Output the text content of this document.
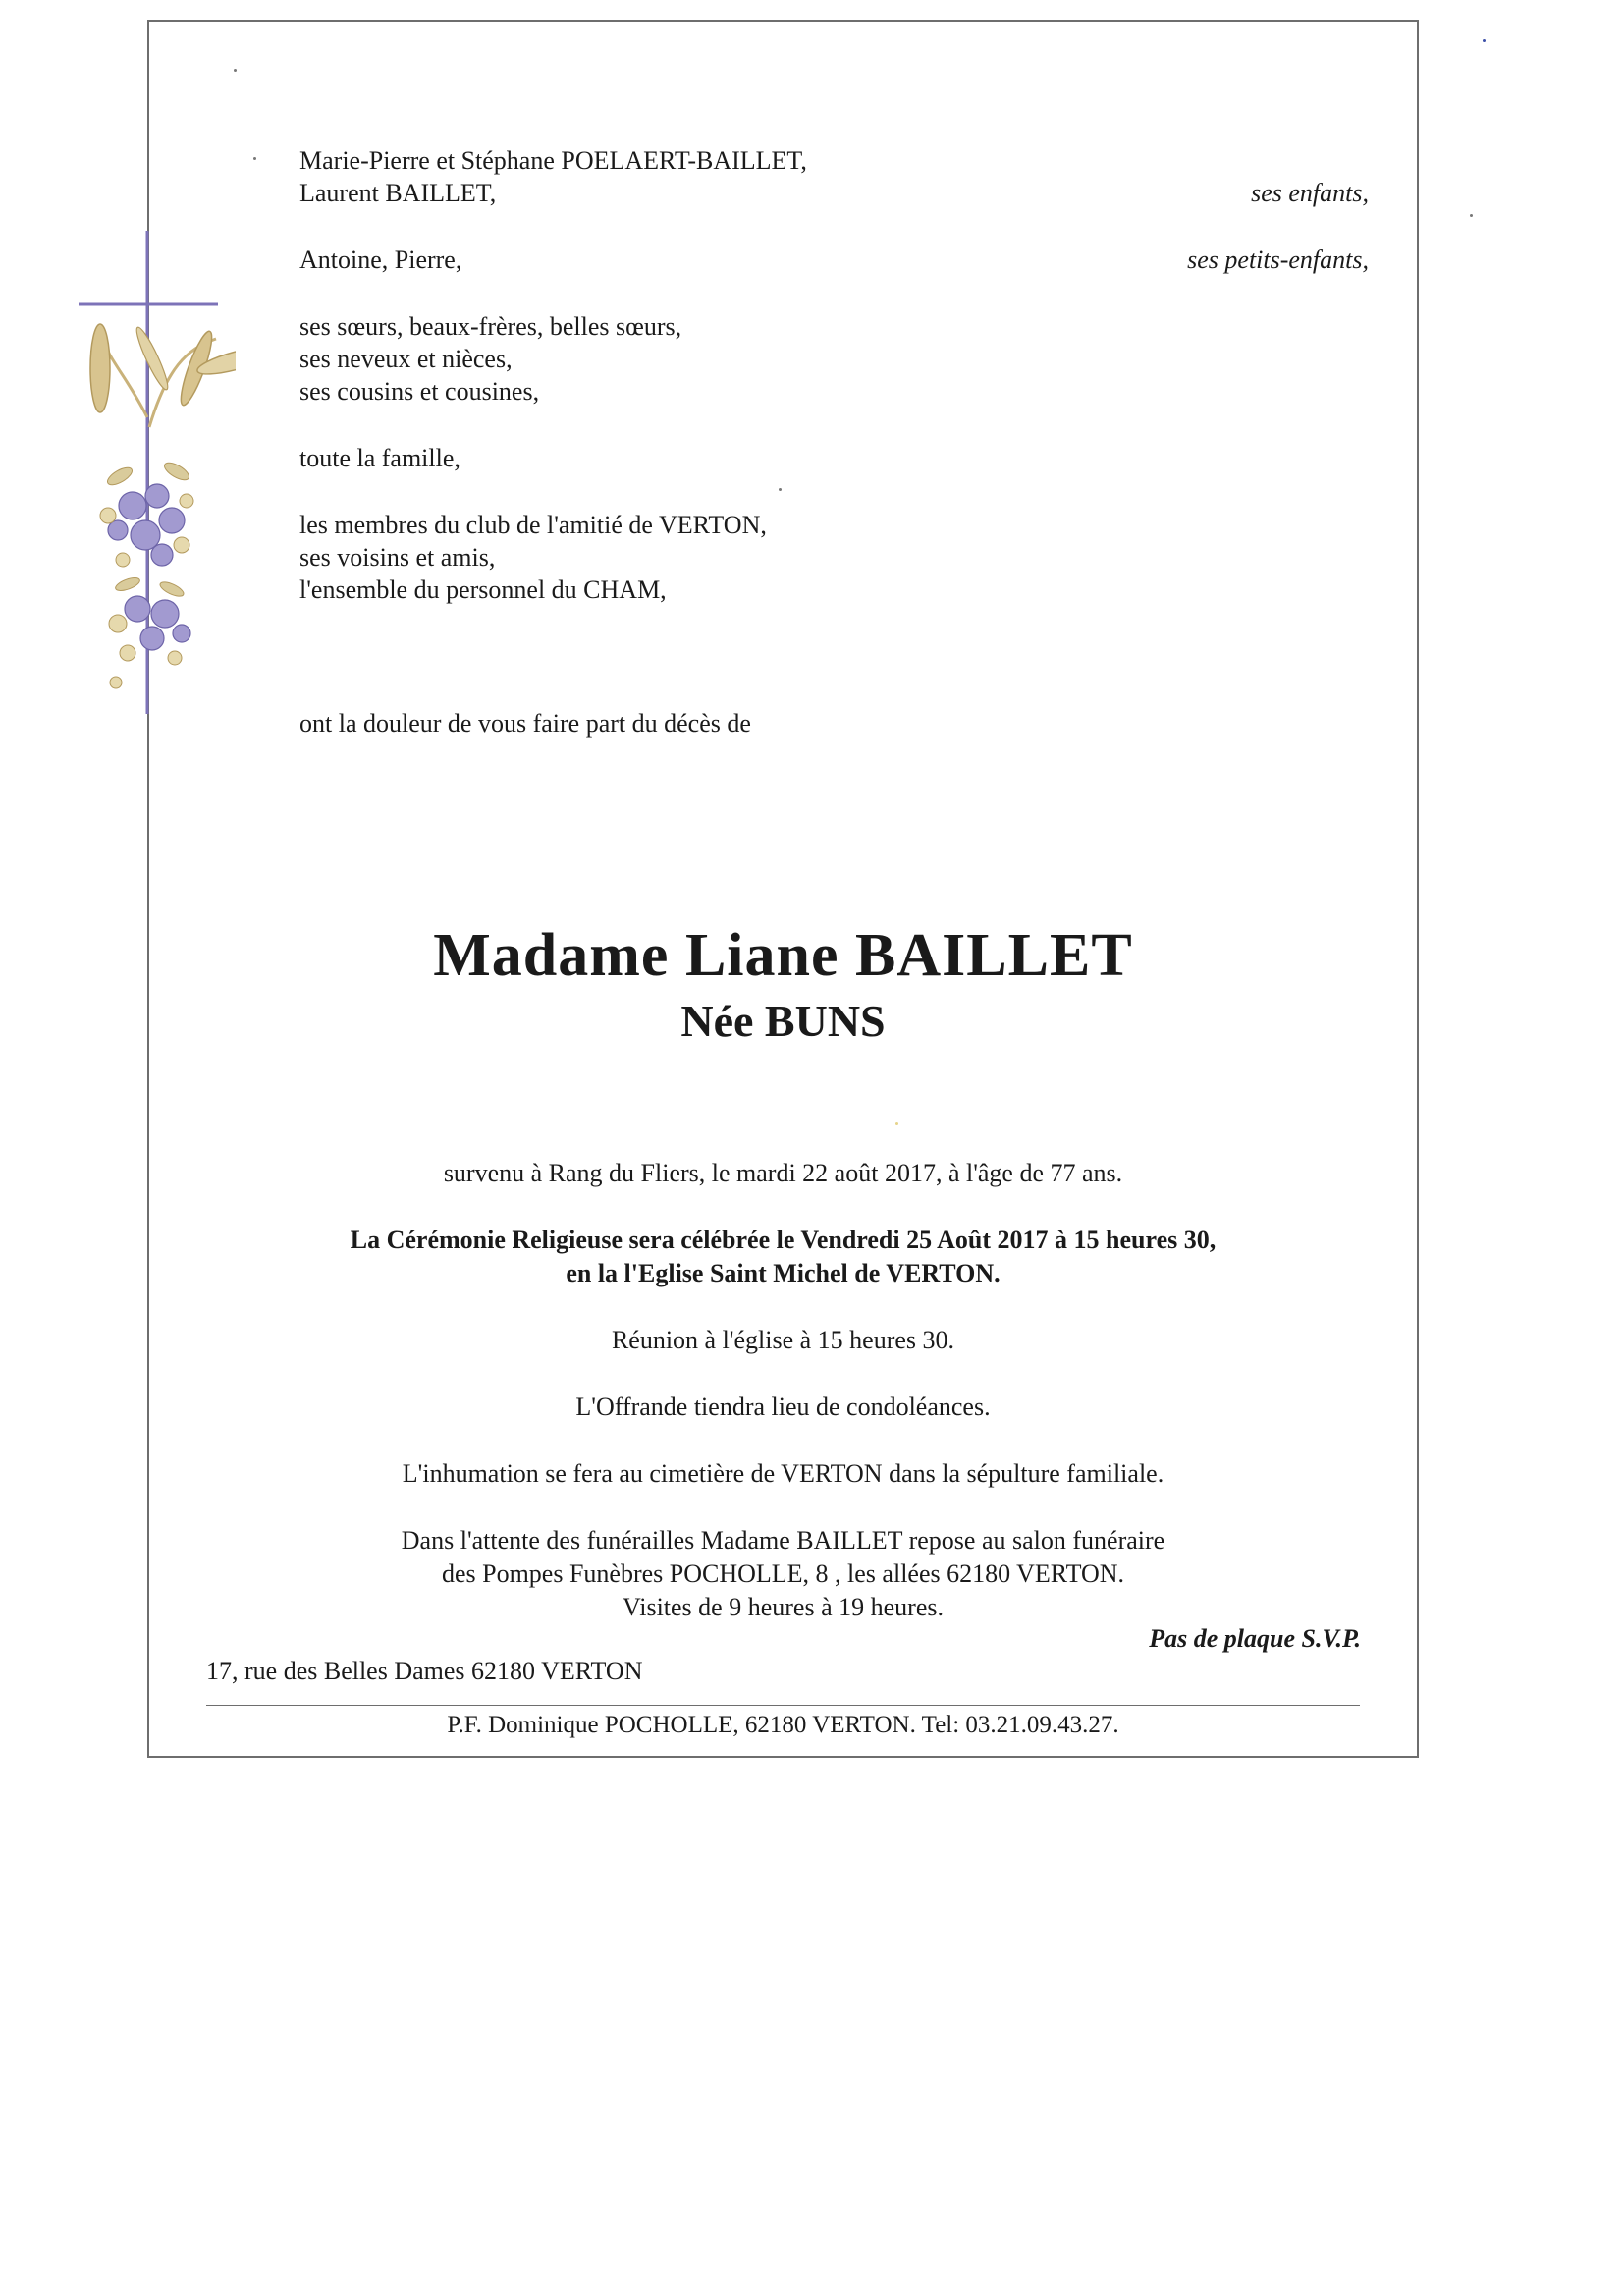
Marie-Pierre et Stéphane POELAERT-BAILLET,
Laurent BAILLET,	ses enfants,
Antoine, Pierre,	ses petits-enfants,
ses sœurs, beaux-frères, belles sœurs,
ses neveux et nièces,
ses cousins et cousines,
toute la famille,
les membres du club de l'amitié de VERTON,
ses voisins et amis,
l'ensemble du personnel du CHAM,
ont la douleur de vous faire part du décès de
Madame Liane BAILLET
Née BUNS
survenu à Rang du Fliers, le mardi 22 août 2017, à l'âge de 77 ans.
La Cérémonie Religieuse sera célébrée le Vendredi 25 Août 2017 à 15 heures 30,
en la l'Eglise Saint Michel de VERTON.
Réunion à l'église à 15 heures 30.
L'Offrande tiendra lieu de condoléances.
L'inhumation se fera au cimetière de VERTON dans la sépulture familiale.
Dans l'attente des funérailles Madame BAILLET repose au salon funéraire
des Pompes Funèbres POCHOLLE, 8 , les allées 62180 VERTON.
Visites de 9 heures à 19 heures.
Pas de plaque S.V.P.
17, rue des Belles Dames 62180 VERTON
P.F. Dominique POCHOLLE, 62180 VERTON. Tel: 03.21.09.43.27.
